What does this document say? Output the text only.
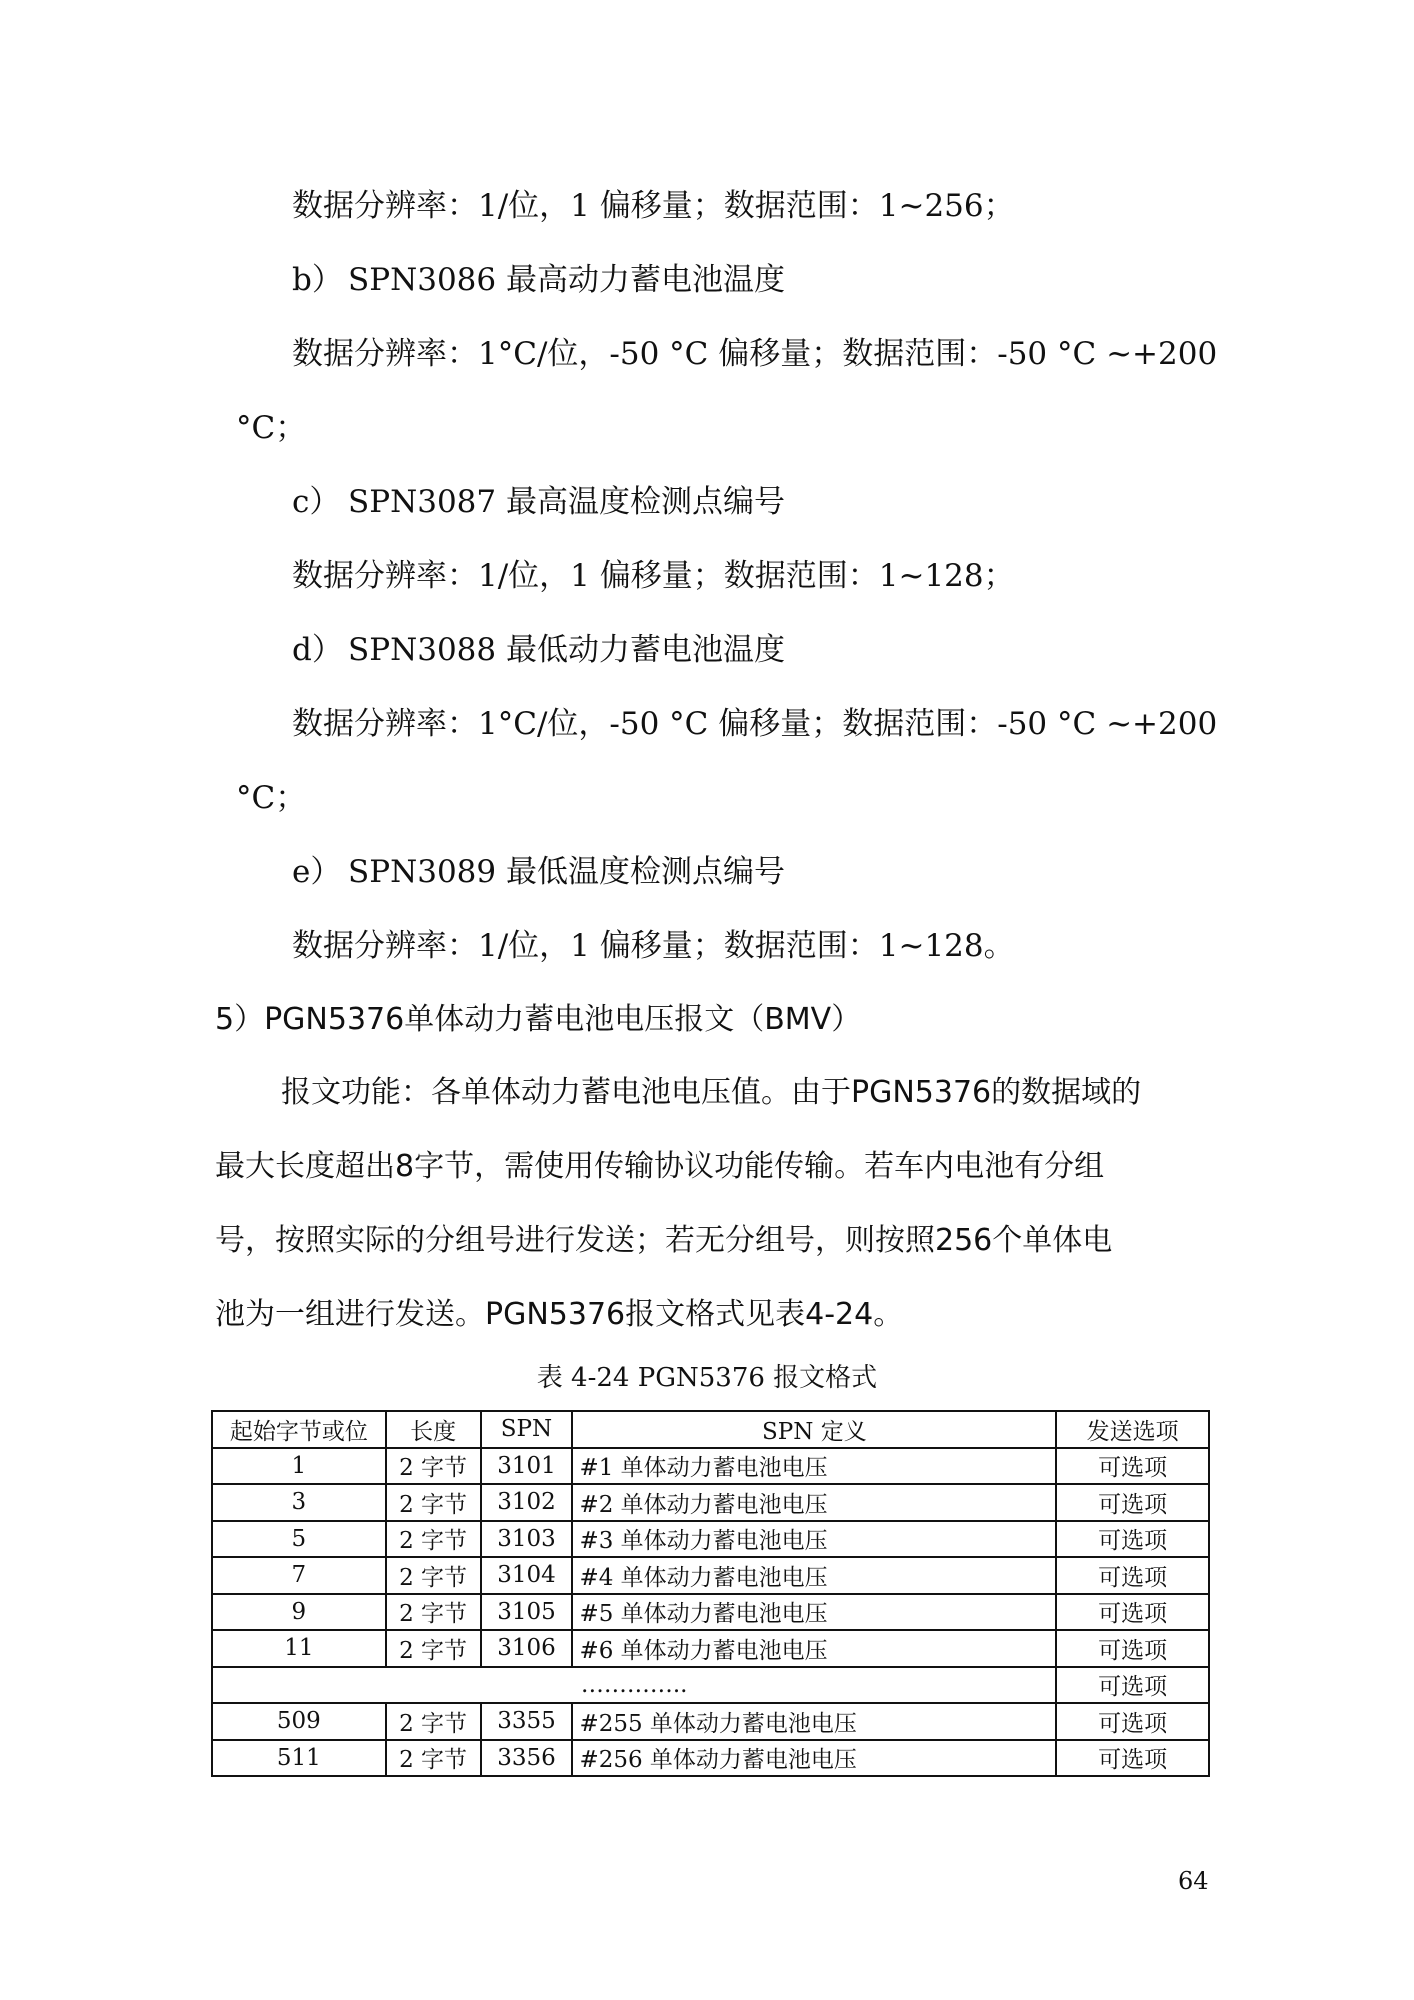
数据分辨率：1/位，1 偏移量；数据范围：1~256；
b） SPN3086 最高动力蓄电池温度
数据分辨率：1°C/位，-50 °C 偏移量；数据范围：-50 °C ~+200
°C；
c） SPN3087 最高温度检测点编号
数据分辨率：1/位，1 偏移量；数据范围：1~128；
d） SPN3088 最低动力蓄电池温度
数据分辨率：1°C/位，-50 °C 偏移量；数据范围：-50 °C ~+200
°C；
e） SPN3089 最低温度检测点编号
数据分辨率：1/位，1 偏移量；数据范围：1~128。
5）PGN5376单体动力蓄电池电压报文（BMV）
报文功能：各单体动力蓄电池电压值。由于PGN5376的数据域的
最大长度超出8字节，需使用传输协议功能传输。若车内电池有分组
号，按照实际的分组号进行发送；若无分组号，则按照256个单体电
池为一组进行发送。PGN5376报文格式见表4-24。
表 4-24 PGN5376 报文格式
起始字节或位	长度	SPN	SPN 定义	发送选项
1	2 字节	3101	#1 单体动力蓄电池电压	可选项
3	2 字节	3102	#2 单体动力蓄电池电压	可选项
5	2 字节	3103	#3 单体动力蓄电池电压	可选项
7	2 字节	3104	#4 单体动力蓄电池电压	可选项
9	2 字节	3105	#5 单体动力蓄电池电压	可选项
11	2 字节	3106	#6 单体动力蓄电池电压	可选项
…………..				可选项
509	2 字节	3355	#255 单体动力蓄电池电压	可选项
511	2 字节	3356	#256 单体动力蓄电池电压	可选项
64
